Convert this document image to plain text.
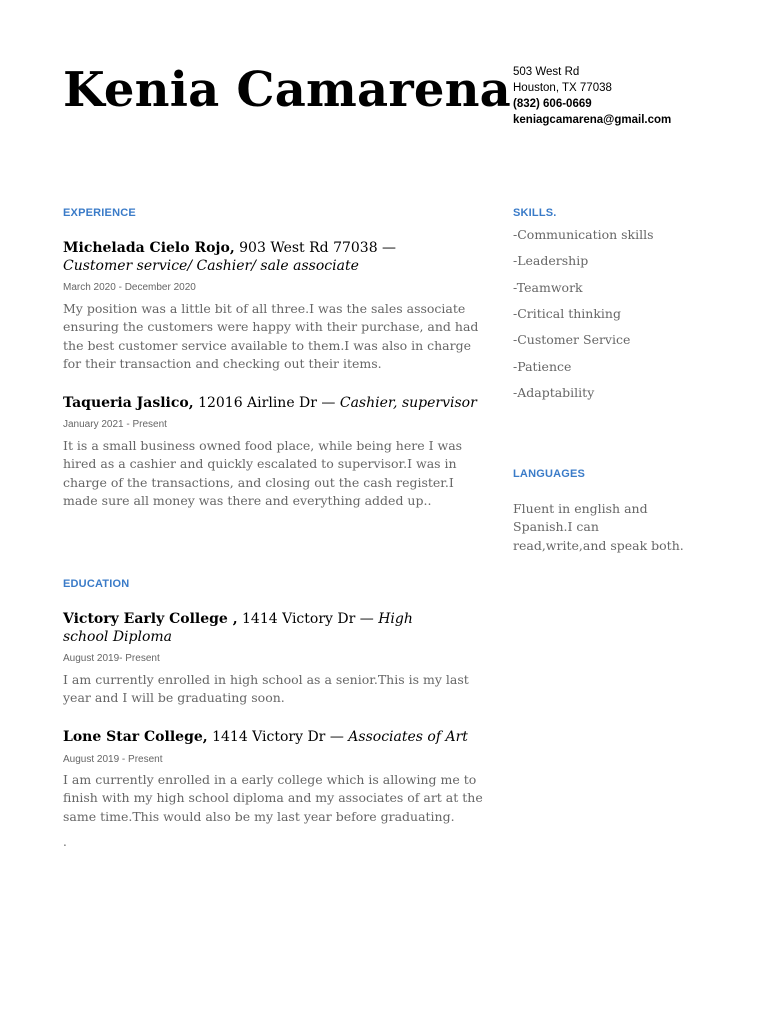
Kenia Camarena 503 West Rd
Houston, TX 77038
(832) 606-0669
keniagcamarena@gmail.com
EXPERIENCE
Michelada Cielo Rojo, 903 West Rd 77038 — Customer service/ Cashier/ sale associate
March 2020 - December 2020
My position was a little bit of all three.I was the sales associate ensuring the customers were happy with their purchase, and had the best customer service available to them.I was also in charge for their transaction and checking out their items.
Taqueria Jaslico, 12016 Airline Dr — Cashier, supervisor
January 2021 - Present
It is a small business owned food place, while being here I was hired as a cashier and quickly escalated to supervisor.I was in charge of the transactions, and closing out the cash register.I made sure all money was there and everything added up..
EDUCATION
Victory Early College , 1414 Victory Dr — High school Diploma
August 2019- Present
I am currently enrolled in high school as a senior.This is my last year and I will be graduating soon.
Lone Star College, 1414 Victory Dr — Associates of Art
August 2019 - Present
I am currently enrolled in a early college which is allowing me to finish with my high school diploma and my associates of art at the same time.This would also be my last year before graduating.
.
SKILLS.
-Communication skills
-Leadership
-Teamwork
-Critical thinking
-Customer Service
-Patience
-Adaptability
LANGUAGES
Fluent in english and Spanish.I can read,write,and speak both.
